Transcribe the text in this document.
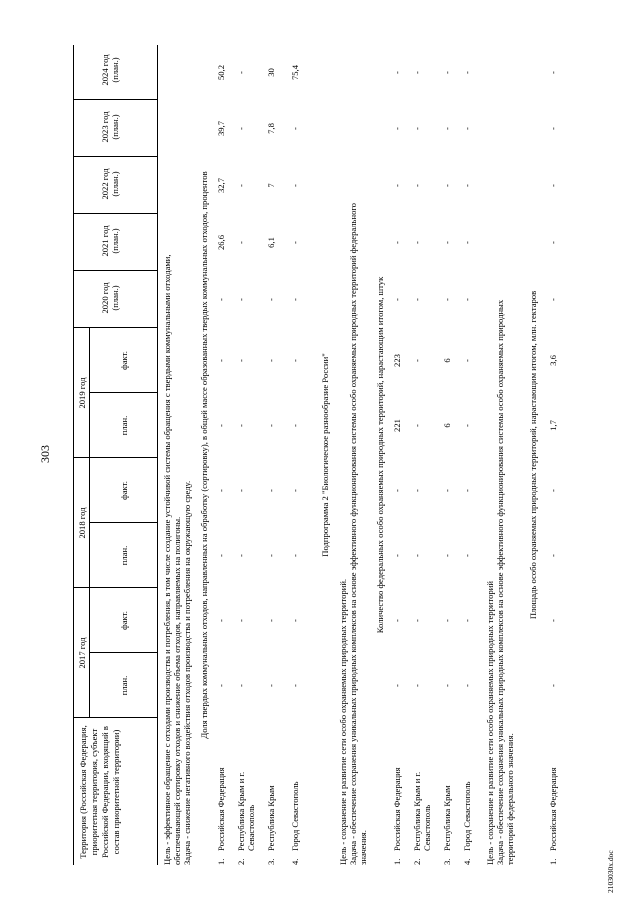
303
Территория (Российская Федерация, приоритетная территория, субъект Российской Федерации, входящий в состав приоритетной территории)
2017 год
2018 год
2019 год
план.
факт.
план.
факт.
план.
факт.
2020 год (план.)
2021 год (план.)
2022 год (план.)
2023 год (план.)
2024 год (план.)
Цель - эффективное обращение с отходами производства и потребления, в том числе создание устойчивой системы обращения с твердыми коммунальными отходами, обеспечивающей сортировку отходов и снижение объема отходов, направляемых на полигоны. Задача - снижение негативного воздействия отходов производства и потребления на окружающую среду. Доля твердых коммунальных отходов, направленных на обработку (сортировку), в общей массе образованных твердых коммунальных отходов, процентов
1.
Российская Федерация
-
-
-
-
-
-
-
26,6
32,7
39,7
50,2
2.
Республика Крым и г. Севастополь
-
-
-
-
-
-
-
-
-
-
-
3.
Республика Крым
-
-
-
-
-
-
-
6,1
7
7,8
30
4.
Город Севастополь
-
-
-
-
-
-
-
-
-
-
75,4
Подпрограмма 2 "Биологическое разнообразие России"
Цель - сохранение и развитие сети особо охраняемых природных территорий. Задача - обеспечение сохранения уникальных природных комплексов на основе эффективного функционирования системы особо охраняемых природных территорий федерального значения.
Количество федеральных особо охраняемых природных территорий, нарастающим итогом, штук
1.
Российская Федерация
-
-
-
-
221
223
-
-
-
-
-
2.
Республика Крым и г. Севастополь
-
-
-
-
-
-
-
-
-
-
-
3.
Республика Крым
-
-
-
-
6
6
-
-
-
-
-
4.
Город Севастополь
-
-
-
-
-
-
-
-
-
-
-
Цель - сохранение и развитие сети особо охраняемых природных территорий Задача - обеспечение сохранения уникальных природных комплексов на основе эффективного функционирования системы особо охраняемых природных территорий федерального значения.
Площадь особо охраняемых природных территорий, нарастающим итогом, млн. гектаров
1.
Российская Федерация
-
-
-
-
1,7
3,6
-
-
-
-
-
2103030х.doc
